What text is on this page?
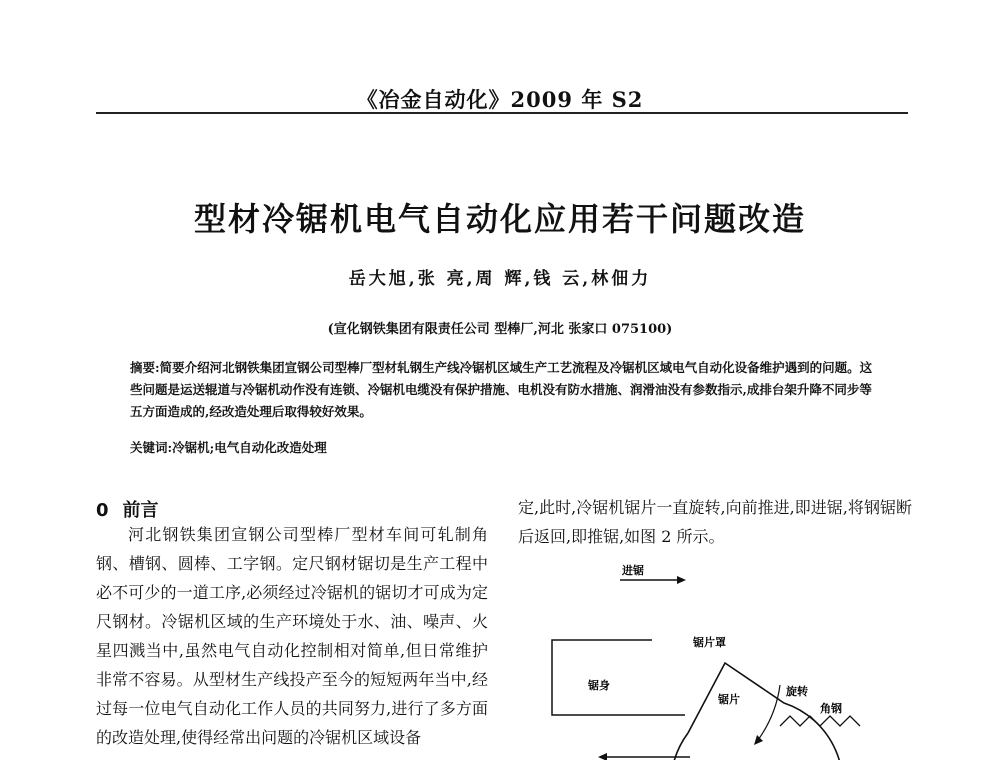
《冶金自动化》2009 年 S2
型材冷锯机电气自动化应用若干问题改造
岳大旭,张 亮,周 辉,钱 云,林佃力
(宣化钢铁集团有限责任公司 型棒厂,河北 张家口 075100)
摘要:简要介绍河北钢铁集团宣钢公司型棒厂型材轧钢生产线冷锯机区域生产工艺流程及冷锯机区域电气自动化设备维护遇到的问题。这些问题是运送辊道与冷锯机动作没有连锁、冷锯机电缆没有保护措施、电机没有防水措施、润滑油没有参数指示,成排台架升降不同步等五方面造成的,经改造处理后取得较好效果。
关键词:冷锯机;电气自动化改造处理
0 前言
河北钢铁集团宣钢公司型棒厂型材车间可轧制角钢、槽钢、圆棒、工字钢。定尺钢材锯切是生产工程中必不可少的一道工序,必须经过冷锯机的锯切才可成为定尺钢材。冷锯机区域的生产环境处于水、油、噪声、火星四溅当中,虽然电气自动化控制相对简单,但日常维护非常不容易。从型材生产线投产至今的短短两年当中,经过每一位电气自动化工作人员的共同努力,进行了多方面的改造处理,使得经常出问题的冷锯机区域设备
定,此时,冷锯机锯片一直旋转,向前推进,即进锯,将钢锯断后返回,即推锯,如图 2 所示。
进锯
锯身
锯片罩
锯片
旋转
角钢
